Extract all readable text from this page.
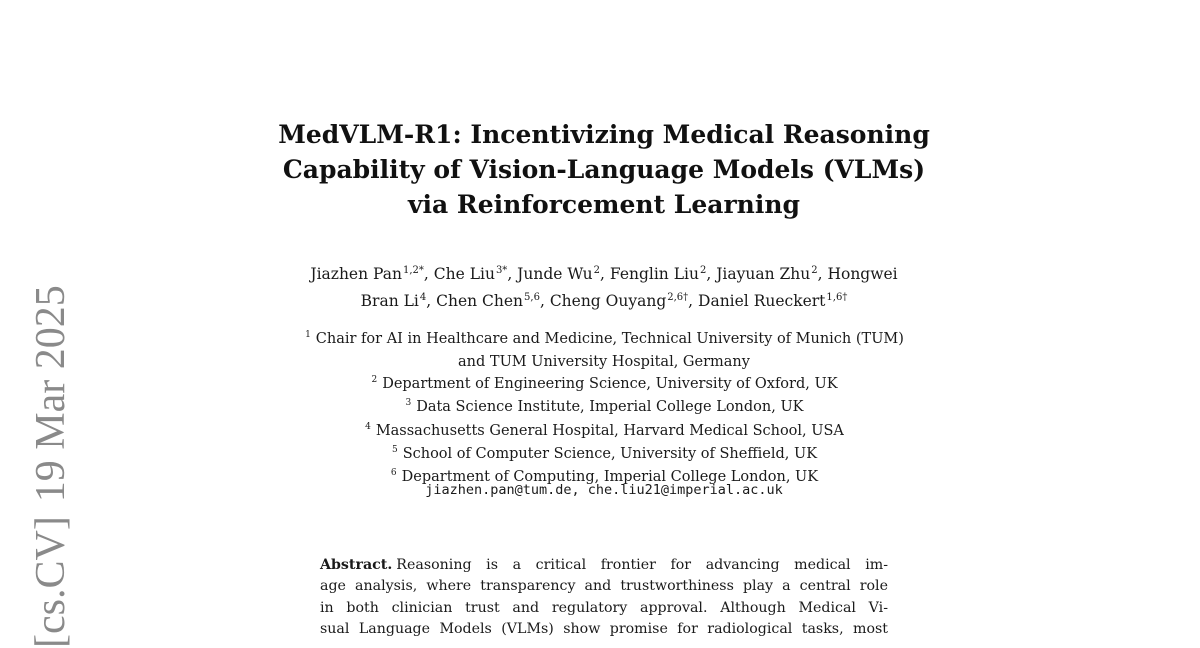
[cs.CV]19 Mar 2025
MedVLM-R1: Incentivizing Medical Reasoning
Capability of Vision-Language Models (VLMs)
via Reinforcement Learning
Jiazhen Pan$^{1,2*}$, Che Liu$^{3*}$, Junde Wu$^2$, Fenglin Liu$^2$, Jiayuan Zhu$^2$, Hongwei
Bran Li$^4$, Chen Chen$^{5,6}$, Cheng Ouyang$^{2,6\dagger}$, Daniel Rueckert$^{1,6\dagger}$
$^1$ Chair for AI in Healthcare and Medicine, Technical University of Munich (TUM)
and TUM University Hospital, Germany
$^2$ Department of Engineering Science, University of Oxford, UK
$^3$ Data Science Institute, Imperial College London, UK
$^4$ Massachusetts General Hospital, Harvard Medical School, USA
$^5$ School of Computer Science, University of Sheffield, UK
$^6$ Department of Computing, Imperial College London, UK
jiazhen.pan@tum.de, che.liu21@imperial.ac.uk
Abstract. Reasoning is a critical frontier for advancing medical im-
age analysis, where transparency and trustworthiness play a central role
in both clinician trust and regulatory approval. Although Medical Vi-
sual Language Models (VLMs) show promise for radiological tasks, most
